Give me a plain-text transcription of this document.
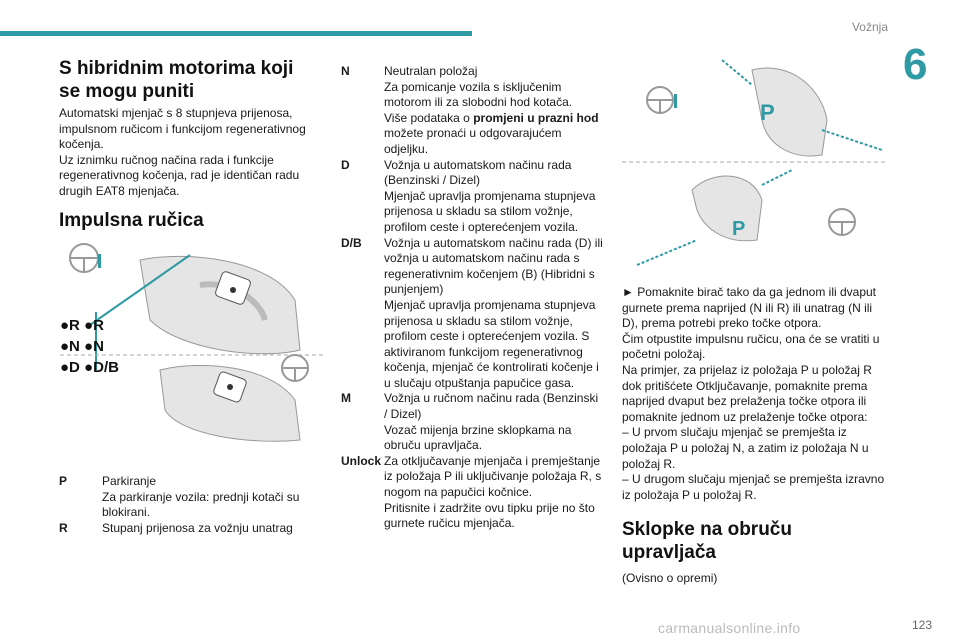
Vožnja
6
S hibridnim motorima koji se mogu puniti

Automatski mjenjač s 8 stupnjeva prijenosa, impulsnom ručicom i funkcijom regenerativnog kočenja.
Uz iznimku ručnog načina rada i funkcije regenerativnog kočenja, rad je identičan radu drugih EAT8 mjenjača.

Impulsna ručica
●R ●R
●N ●N
●D ●D/B
P	Parkiranje
Za parkiranje vozila: prednji kotači su blokirani.
R	Stupanj prijenosa za vožnju unatrag
N	Neutralan položaj
Za pomicanje vozila s isključenim motorom ili za slobodni hod kotača.
Više podataka o promjeni u prazni hod možete pronaći u odgovarajućem odjeljku.
D	Vožnja u automatskom načinu rada (Benzinski / Dizel)
Mjenjač upravlja promjenama stupnjeva prijenosa u skladu sa stilom vožnje, profilom ceste i opterećenjem vozila.
D/B	Vožnja u automatskom načinu rada (D) ili vožnja u automatskom načinu rada s regenerativnim kočenjem (B) (Hibridni s punjenjem)
Mjenjač upravlja promjenama stupnjeva prijenosa u skladu sa stilom vožnje, profilom ceste i opterećenjem vozila. S aktiviranom funkcijom regenerativnog kočenja, mjenjač će kontrolirati kočenje i u slučaju otpuštanja papučice gasa.
M	Vožnja u ručnom načinu rada (Benzinski / Dizel)
Vozač mijenja brzine sklopkama na obruču upravljača.
Unlock Za otključavanje mjenjača i premještanje iz položaja P ili uključivanje položaja R, s nogom na papučici kočnice.
Pritisnite i zadržite ovu tipku prije no što gurnete ručicu mjenjača.
P
P

► Pomaknite birač tako da ga jednom ili dvaput gurnete prema naprijed (N ili R) ili unatrag (N ili D), prema potrebi preko točke otpora.
Čim otpustite impulsnu ručicu, ona će se vratiti u početni položaj.
Na primjer, za prijelaz iz položaja P u položaj R dok pritišćete Otključavanje, pomaknite prema naprijed dvaput bez prelaženja točke otpora ili pomaknite jednom uz prelaženje točke otpora:
– U prvom slučaju mjenjač se premješta iz položaja P u položaj N, a zatim iz položaja N u položaj R.
– U drugom slučaju mjenjač se premješta izravno iz položaja P u položaj R.

Sklopke na obruču upravljača

(Ovisno o opremi)

carmanualsonline.info	123
